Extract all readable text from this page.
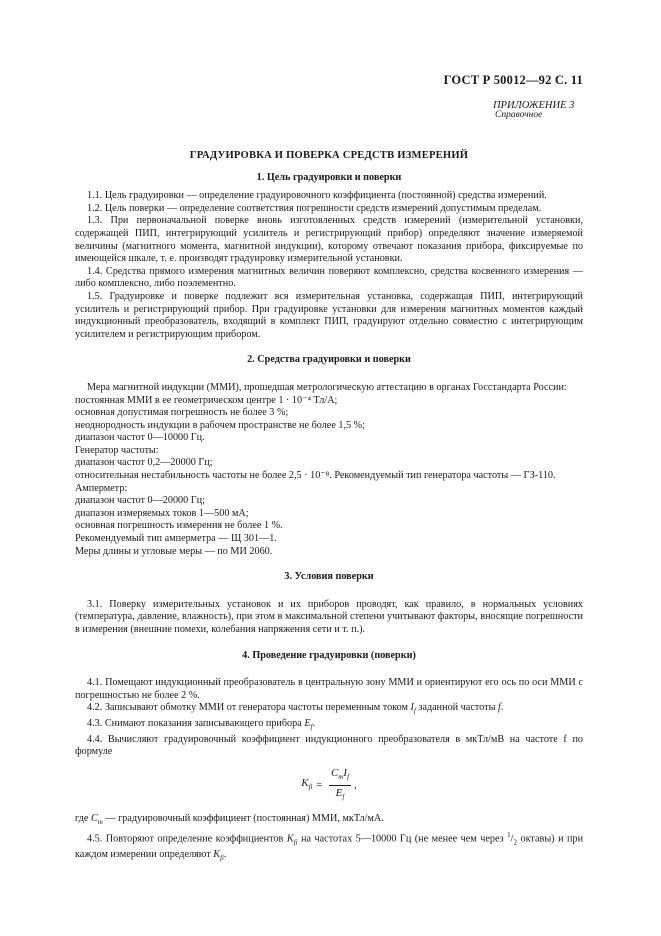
ГОСТ Р 50012—92 С. 11
ПРИЛОЖЕНИЕ 3
Справочное
ГРАДУИРОВКА И ПОВЕРКА СРЕДСТВ ИЗМЕРЕНИЙ
1. Цель градуировки и поверки

1.1. Цель градуировки — определение градуировочного коэффициента (постоянной) средства измерений.

1.2. Цель поверки — определение соответствия погрешности средств измерений допустимым пределам.

1.3. При первоначальной поверке вновь изготовленных средств измерений (измерительной установки, содержащей ПИП, интегрирующий усилитель и регистрирующий прибор) определяют значение измеряемой величины (магнитного момента, магнитной индукции), которому отвечают показания прибора, фиксируемые по имеющейся шкале, т. е. производят градуировку измерительной установки.

1.4. Средства прямого измерения магнитных величин поверяют комплексно, средства косвенного измерения — либо комплексно, либо поэлементно.

1.5. Градуировке и поверке подлежит вся измерительная установка, содержащая ПИП, интегрирующий усилитель и регистрирующий прибор. При градуировке установки для измерения магнитных моментов каждый индукционный преобразователь, входящий в комплект ПИП, градуируют отдельно совместно с интегрирующим усилителем и регистрирующим прибором.

2. Средства градуировки и поверки

Мера магнитной индукции (ММИ), прошедшая метрологическую аттестацию в органах Госстандарта России:

постоянная ММИ в ее геометрическом центре 1 · 10⁻⁴ Тл/А;

основная допустимая погрешность не более 3 %;

неоднородность индукции в рабочем пространстве не более 1,5 %;

диапазон частот 0—10000 Гц.

Генератор частоты:

диапазон частот 0,2—20000 Гц;

относительная нестабильность частоты не более 2,5 · 10⁻⁸. Рекомендуемый тип генератора частоты — ГЗ-110.

Амперметр:

диапазон частот 0—20000 Гц;

диапазон измеряемых токов 1—500 мА;

основная погрешность измерения не более 1 %.

Рекомендуемый тип амперметра — Щ 301—1.

Меры длины и угловые меры — по МИ 2060.

3. Условия поверки

3.1. Поверку измерительных установок и их приборов проводят, как правило, в нормальных условиях (температура, давление, влажность), при этом в максимальной степени учитывают факторы, вносящие погрешности в измерения (внешние помехи, колебания напряжения сети и т. п.).

4. Проведение градуировки (поверки)

4.1. Помещают индукционный преобразователь в центральную зону ММИ и ориентируют его ось по оси ММИ с погрешностью не более 2 %.

4.2. Записывают обмотку ММИ от генератора частоты переменным током $I_f$ заданной частоты f.

4.3. Снимают показания записывающего прибора $E_f$.

4.4. Вычисляют градуировочный коэффициент индукционного преобразователя в мкТл/мВ на частоте f по формуле

$K_{fi} = \frac{C_mI_f}{E_f}$ ,

где $C_m$ — градуировочный коэффициент (постоянная) ММИ, мкТл/мА.

4.5. Повторяют определение коэффициентов $K_{fi}$ на частотах 5—10000 Гц (не менее чем через $^1/_2$ октавы) и при каждом измерении определяют $K_{fi}$.
